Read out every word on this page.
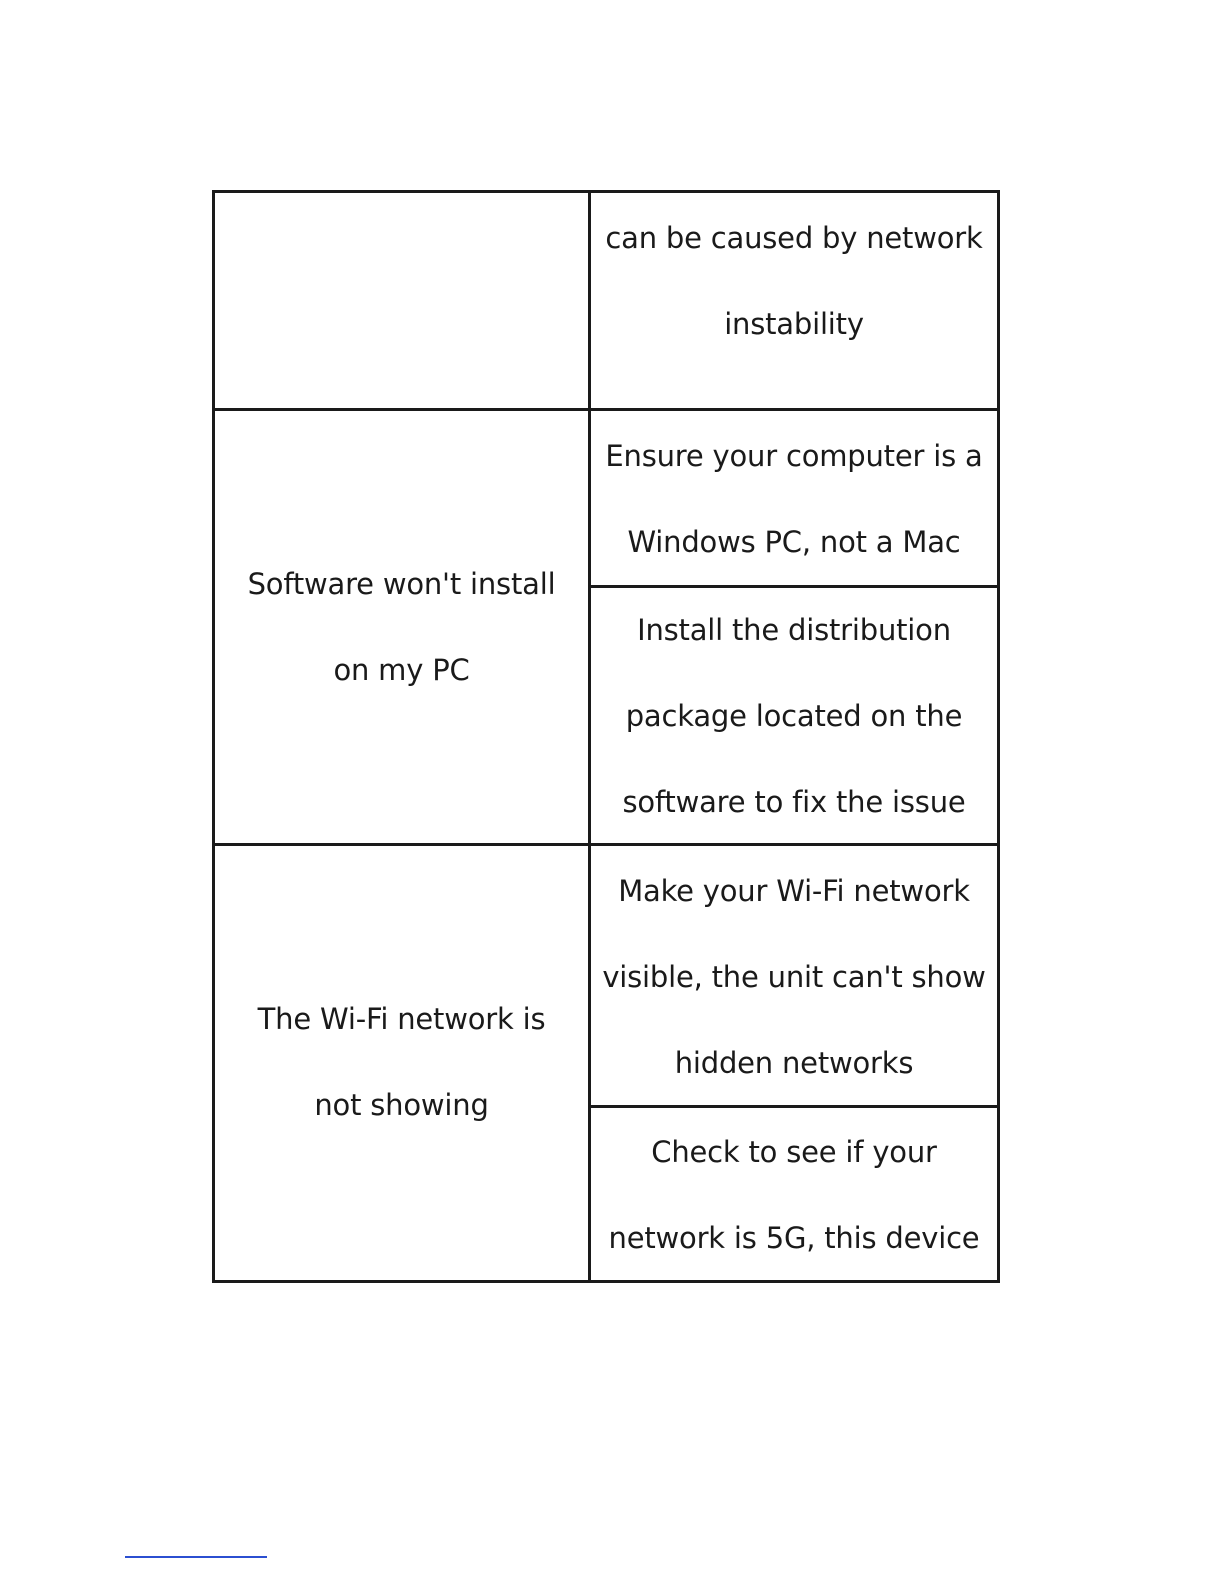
Software won't install
on my PC
The Wi-Fi network is
not showing
can be caused by network
instability
Ensure your computer is a
Windows PC, not a Mac
Install the distribution
package located on the
software to fix the issue
Make your Wi-Fi network
visible, the unit can't show
hidden networks
Check to see if your
network is 5G, this device
